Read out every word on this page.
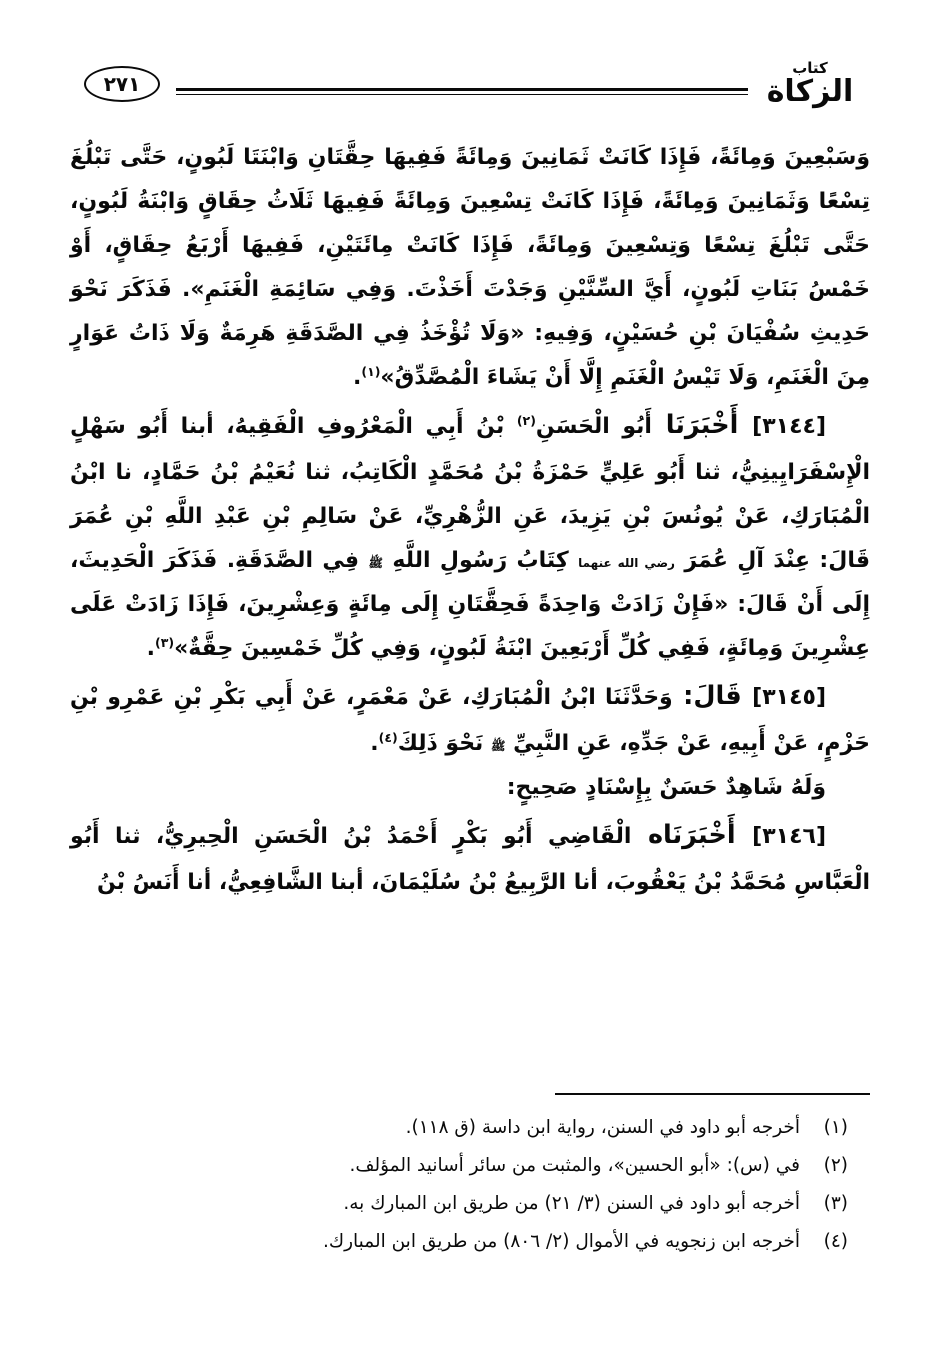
كتاب
الزكاة
٢٧١

وَسَبْعِينَ وَمِائَةً، فَإِذَا كَانَتْ ثَمَانِينَ وَمِائَةً فَفِيهَا حِقَّتَانِ وَابْنَتَا لَبُونٍ، حَتَّى تَبْلُغَ تِسْعًا وَثَمَانِينَ وَمِائَةً، فَإِذَا كَانَتْ تِسْعِينَ وَمِائَةً فَفِيهَا ثَلَاثُ حِقَاقٍ وَابْنَةُ لَبُونٍ، حَتَّى تَبْلُغَ تِسْعًا وَتِسْعِينَ وَمِائَةً، فَإِذَا كَانَتْ مِائَتَيْنِ، فَفِيهَا أَرْبَعُ حِقَاقٍ، أَوْ خَمْسُ بَنَاتِ لَبُونٍ، أَيَّ السِّنَّيْنِ وَجَدْتَ أَخَذْتَ. وَفِي سَائِمَةِ الْغَنَمِ». فَذَكَرَ نَحْوَ حَدِيثِ سُفْيَانَ بْنِ حُسَيْنٍ، وَفِيهِ: «وَلَا تُؤْخَذُ فِي الصَّدَقَةِ هَرِمَةٌ وَلَا ذَاتُ عَوَارٍ مِنَ الْغَنَمِ، وَلَا تَيْسُ الْغَنَمِ إِلَّا أَنْ يَشَاءَ الْمُصَّدِّقُ»$^{(١)}$.

[٣١٤٤] أَخْبَرَنَا أَبُو الْحَسَنِ$^{(٢)}$ بْنُ أَبِي الْمَعْرُوفِ الْفَقِيهُ، أبنا أَبُو سَهْلٍ الْإِسْفَرَايِينِيُّ، ثنا أَبُو عَلِيٍّ حَمْزَةُ بْنُ مُحَمَّدٍ الْكَاتِبُ، ثنا نُعَيْمُ بْنُ حَمَّادٍ، نا ابْنُ الْمُبَارَكِ، عَنْ يُونُسَ بْنِ يَزِيدَ، عَنِ الزُّهْرِيِّ، عَنْ سَالِمِ بْنِ عَبْدِ اللَّهِ بْنِ عُمَرَ قَالَ: عِنْدَ آلِ عُمَرَ رضي الله عنهما كِتَابُ رَسُولِ اللَّهِ ﷺ فِي الصَّدَقَةِ. فَذَكَرَ الْحَدِيثَ، إِلَى أَنْ قَالَ: «فَإِنْ زَادَتْ وَاحِدَةً فَحِقَّتَانِ إِلَى مِائَةٍ وَعِشْرِينَ، فَإِذَا زَادَتْ عَلَى عِشْرِينَ وَمِائَةٍ، فَفِي كُلِّ أَرْبَعِينَ ابْنَةُ لَبُونٍ، وَفِي كُلِّ خَمْسِينَ حِقَّةٌ»$^{(٣)}$.

[٣١٤٥] قَالَ: وَحَدَّثَنَا ابْنُ الْمُبَارَكِ، عَنْ مَعْمَرٍ، عَنْ أَبِي بَكْرِ بْنِ عَمْرِو بْنِ حَزْمٍ، عَنْ أَبِيهِ، عَنْ جَدِّهِ، عَنِ النَّبِيِّ ﷺ نَحْوَ ذَلِكَ$^{(٤)}$.

وَلَهُ شَاهِدٌ حَسَنٌ بِإِسْنَادٍ صَحِيحٍ:

[٣١٤٦] أَخْبَرَنَاه الْقَاضِي أَبُو بَكْرٍ أَحْمَدُ بْنُ الْحَسَنِ الْحِيرِيُّ، ثنا أَبُو الْعَبَّاسِ مُحَمَّدُ بْنُ يَعْقُوبَ، أنا الرَّبِيعُ بْنُ سُلَيْمَانَ، أبنا الشَّافِعِيُّ، أنا أَنَسُ بْنُ

(١)
أخرجه أبو داود في السنن، رواية ابن داسة (ق ١١٨).
(٢)
في (س): «أبو الحسين»، والمثبت من سائر أسانيد المؤلف.
(٣)
أخرجه أبو داود في السنن (٣/ ٢١) من طريق ابن المبارك به.
(٤)
أخرجه ابن زنجويه في الأموال (٢/ ٨٠٦) من طريق ابن المبارك.
